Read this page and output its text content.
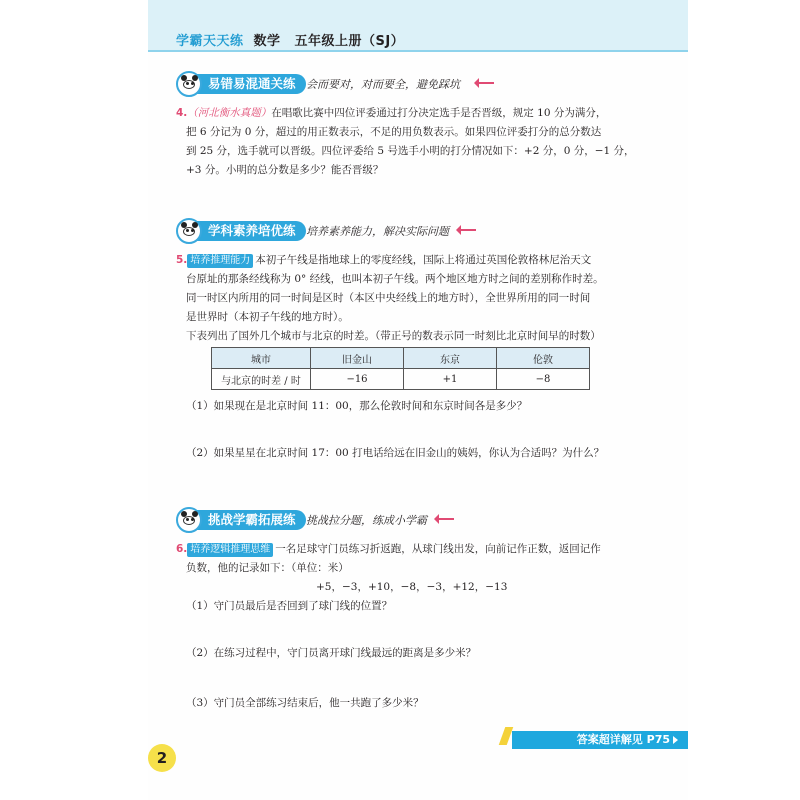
学霸天天练 数学 五年级上册（SJ）
易错易混通关练 会而要对，对而要全，避免踩坑
4.（河北衡水真题）在唱歌比赛中四位评委通过打分决定选手是否晋级，规定 10 分为满分，
把 6 分记为 0 分，超过的用正数表示，不足的用负数表示。如果四位评委打分的总分数达
到 25 分，选手就可以晋级。四位评委给 5 号选手小明的打分情况如下：+2 分，0 分，−1 分，
+3 分。小明的总分数是多少？能否晋级？
学科素养培优练 培养素养能力，解决实际问题
5. 培养推理能力 本初子午线是指地球上的零度经线，国际上将通过英国伦敦格林尼治天文
台原址的那条经线称为 0° 经线，也叫本初子午线。两个地区地方时之间的差别称作时差。
同一时区内所用的同一时间是区时（本区中央经线上的地方时），全世界所用的同一时间
是世界时（本初子午线的地方时）。
下表列出了国外几个城市与北京的时差。（带正号的数表示同一时刻比北京时间早的时数）
城市	旧金山	东京	伦敦
与北京的时差 / 时	−16	+1	−8
（1）如果现在是北京时间 11：00，那么伦敦时间和东京时间各是多少？
（2）如果星星在北京时间 17：00 打电话给远在旧金山的姨妈，你认为合适吗？为什么？
挑战学霸拓展练 挑战拉分题，练成小学霸
6. 培养逻辑推理思维 一名足球守门员练习折返跑，从球门线出发，向前记作正数，返回记作
负数，他的记录如下：（单位：米）
+5，−3，+10，−8，−3，+12，−13
（1）守门员最后是否回到了球门线的位置？
（2）在练习过程中，守门员离开球门线最远的距离是多少米？
（3）守门员全部练习结束后，他一共跑了多少米？
答案超详解见 P75
2
